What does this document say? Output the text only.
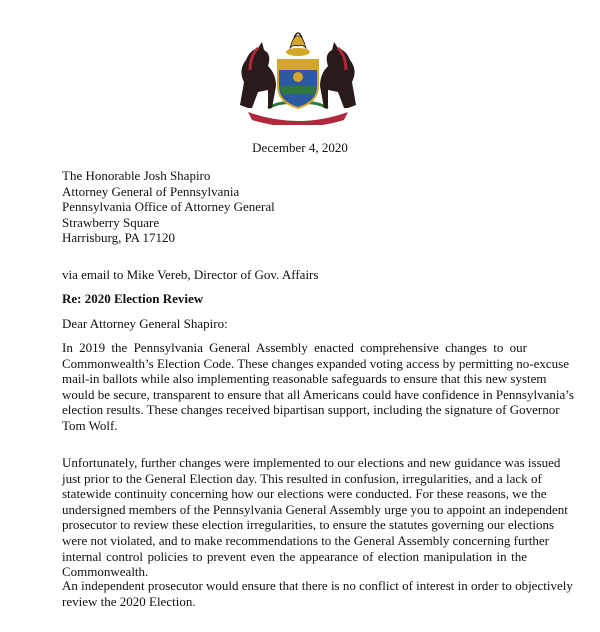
December 4, 2020
The Honorable Josh Shapiro
Attorney General of Pennsylvania
Pennsylvania Office of Attorney General
Strawberry Square
Harrisburg, PA 17120
via email to Mike Vereb, Director of Gov. Affairs
Re: 2020 Election Review
Dear Attorney General Shapiro:
In 2019 the Pennsylvania General Assembly enacted comprehensive changes to our
Commonwealth’s Election Code. These changes expanded voting access by permitting no-excuse
mail-in ballots while also implementing reasonable safeguards to ensure that this new system
would be secure, transparent to ensure that all Americans could have confidence in Pennsylvania’s
election results. These changes received bipartisan support, including the signature of Governor
Tom Wolf.
Unfortunately, further changes were implemented to our elections and new guidance was issued
just prior to the General Election day. This resulted in confusion, irregularities, and a lack of
statewide continuity concerning how our elections were conducted. For these reasons, we the
undersigned members of the Pennsylvania General Assembly urge you to appoint an independent
prosecutor to review these election irregularities, to ensure the statutes governing our elections
were not violated, and to make recommendations to the General Assembly concerning further
internal control policies to prevent even the appearance of election manipulation in the
Commonwealth.
An independent prosecutor would ensure that there is no conflict of interest in order to objectively
review the 2020 Election.
